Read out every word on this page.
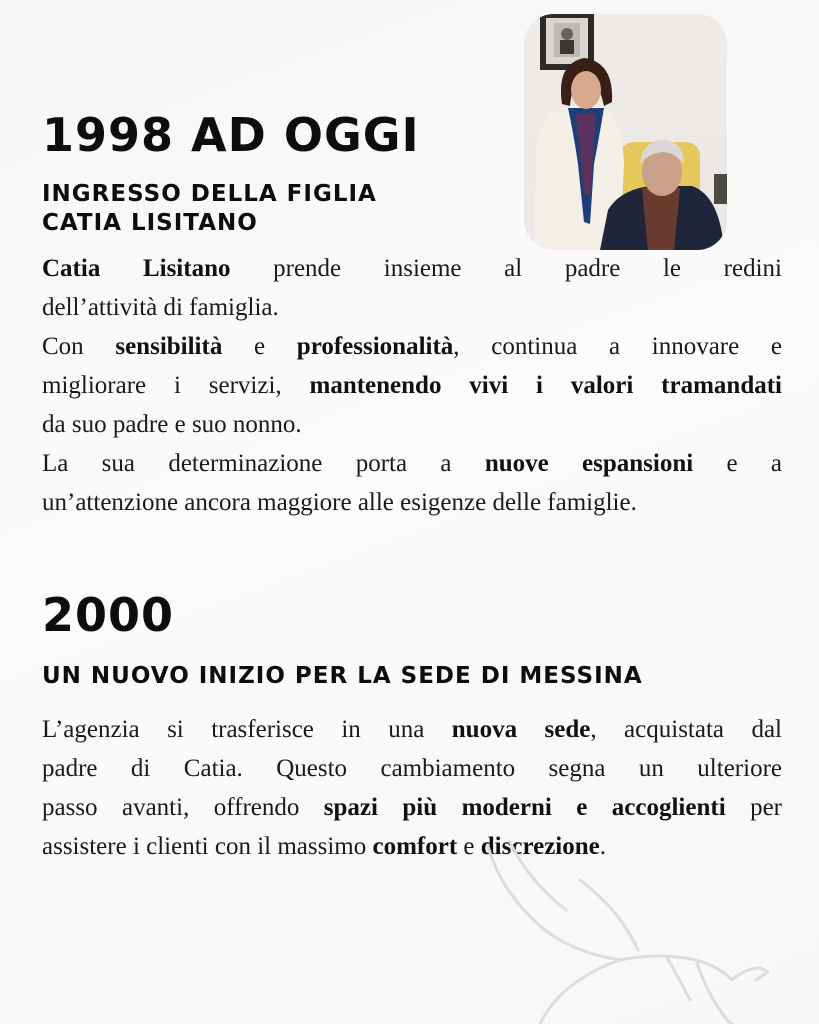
1998 AD OGGI
INGRESSO DELLA FIGLIA
CATIA LISITANO
Catia Lisitano prende insieme al padre le redini
dell’attività di famiglia.
Con sensibilità e professionalità, continua a innovare e
migliorare i servizi, mantenendo vivi i valori tramandati
da suo padre e suo nonno.
La sua determinazione porta a nuove espansioni e a
un’attenzione ancora maggiore alle esigenze delle famiglie.
2000
UN NUOVO INIZIO PER LA SEDE DI MESSINA
L’agenzia si trasferisce in una nuova sede, acquistata dal
padre di Catia. Questo cambiamento segna un ulteriore
passo avanti, offrendo spazi più moderni e accoglienti per
assistere i clienti con il massimo comfort e discrezione.
